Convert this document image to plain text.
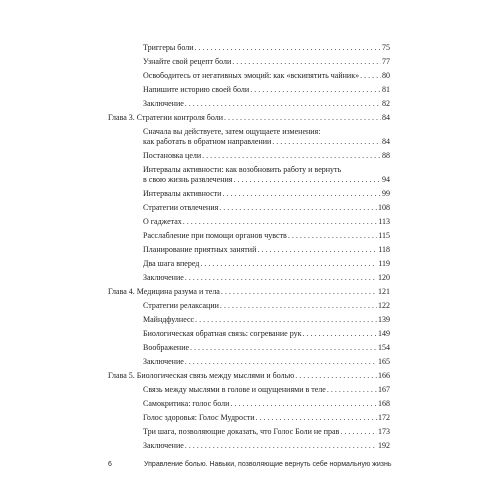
Триггеры боли . . .	75
Узнайте свой рецепт боли . . .	77
Освободитесь от негативных эмоций: как «вскипятить чайник» . . .	80
Напишите историю своей боли . . .	81
Заключение . . .	82
Глава 3. Стратегии контроля боли . . .	84
Сначала вы действуете, затем ощущаете изменения:
как работать в обратном направлении . . .	84
Постановка цели . . .	88
Интервалы активности: как возобновить работу и вернуть
в свою жизнь развлечения . . .	94
Интервалы активности . . .	99
Стратегии отвлечения . . .	108
О гаджетах . . .	113
Расслабление при помощи органов чувств . . .	115
Планирование приятных занятий . . .	118
Два шага вперед . . .	119
Заключение . . .	120
Глава 4. Медицина разума и тела . . .	121
Стратегии релаксации . . .	122
Майндфулнесс . . .	139
Биологическая обратная связь: согревание рук . . .	149
Воображение . . .	154
Заключение . . .	165
Глава 5. Биологическая связь между мыслями и болью . . .	166
Связь между мыслями в голове и ощущениями в теле . . .	167
Самокритика: голос боли . . .	168
Голос здоровья: Голос Мудрости . . .	172
Три шага, позволяющие доказать, что Голос Боли не прав . . .	173
Заключение . . .	192
6	Управление болью. Навыки, позволяющие вернуть себе нормальную жизнь
